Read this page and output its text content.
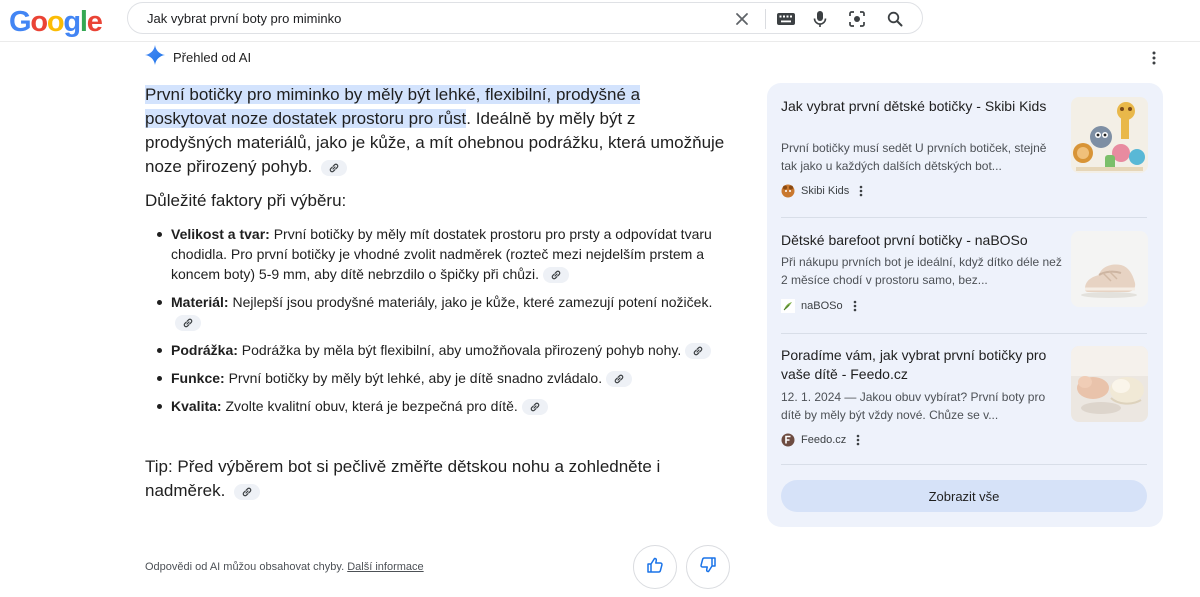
Google	Jak vybrat první boty pro miminko
Přehled od AI

První botičky pro miminko by měly být lehké, flexibilní, prodyšné a poskytovat noze dostatek prostoru pro růst. Ideálně by měly být z prodyšných materiálů, jako je kůže, a mít ohebnou podrážku, která umožňuje noze přirozený pohyb.

Důležité faktory při výběru:
Velikost a tvar: První botičky by měly mít dostatek prostoru pro prsty a odpovídat tvaru chodidla. Pro první botičky je vhodné zvolit nadměrek (rozteč mezi nejdelším prstem a koncem boty) 5-9 mm, aby dítě nebrzdilo o špičky při chůzi.
Materiál: Nejlepší jsou prodyšné materiály, jako je kůže, které zamezují potení nožiček.
Podrážka: Podrážka by měla být flexibilní, aby umožňovala přirozený pohyb nohy.
Funkce: První botičky by měly být lehké, aby je dítě snadno zvládalo.
Kvalita: Zvolte kvalitní obuv, která je bezpečná pro dítě.

Tip: Před výběrem bot si pečlivě změřte dětskou nohu a zohledněte i nadměrek.

Odpovědi od AI můžou obsahovat chyby. Další informace
Jak vybrat první dětské botičky - Skibi Kids
První botičky musí sedět U prvních botiček, stejně tak jako u každých dalších dětských bot...
Skibi Kids
Dětské barefoot první botičky - naBOSo
Při nákupu prvních bot je ideální, když dítko déle než 2 měsíce chodí v prostoru samo, bez...
naBOSo
Poradíme vám, jak vybrat první botičky pro vaše dítě - Feedo.cz
12. 1. 2024 — Jakou obuv vybírat? První boty pro dítě by měly být vždy nové. Chůze se v...
Feedo.cz
Zobrazit vše
